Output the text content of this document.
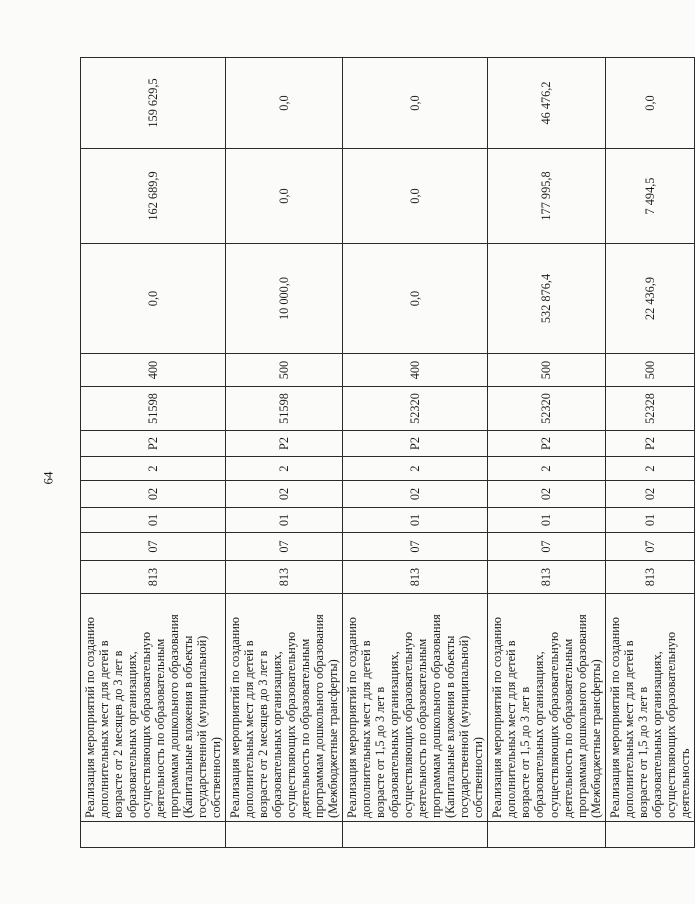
64
	Реализация мероприятий по созданию дополнительных мест для детей в возрасте от 2 месяцев до 3 лет в образовательных организациях, осуществляющих образовательную деятельность по образовательным программам дошкольного образования (Капитальные вложения в объекты государственной (муниципальной) собственности)	813	07	01	02	2	P2	51598	400	0,0	162 689,9	159 629,5
	Реализация мероприятий по созданию дополнительных мест для детей в возрасте от 2 месяцев до 3 лет в образовательных организациях, осуществляющих образовательную деятельность по образовательным программам дошкольного образования (Межбюджетные трансферты)	813	07	01	02	2	P2	51598	500	10 000,0	0,0	0,0
	Реализация мероприятий по созданию дополнительных мест для детей в возрасте от 1,5 до 3 лет в образовательных организациях, осуществляющих образовательную деятельность по образовательным программам дошкольного образования (Капитальные вложения в объекты государственной (муниципальной) собственности)	813	07	01	02	2	P2	52320	400	0,0	0,0	0,0
	Реализация мероприятий по созданию дополнительных мест для детей в возрасте от 1,5 до 3 лет в образовательных организациях, осуществляющих образовательную деятельность по образовательным программам дошкольного образования (Межбюджетные трансферты)	813	07	01	02	2	P2	52320	500	532 876,4	177 995,8	46 476,2
	Реализация мероприятий по созданию дополнительных мест для детей в возрасте от 1,5 до 3 лет в образовательных организациях, осуществляющих образовательную деятельность	813	07	01	02	2	P2	52328	500	22 436,9	7 494,5	0,0
